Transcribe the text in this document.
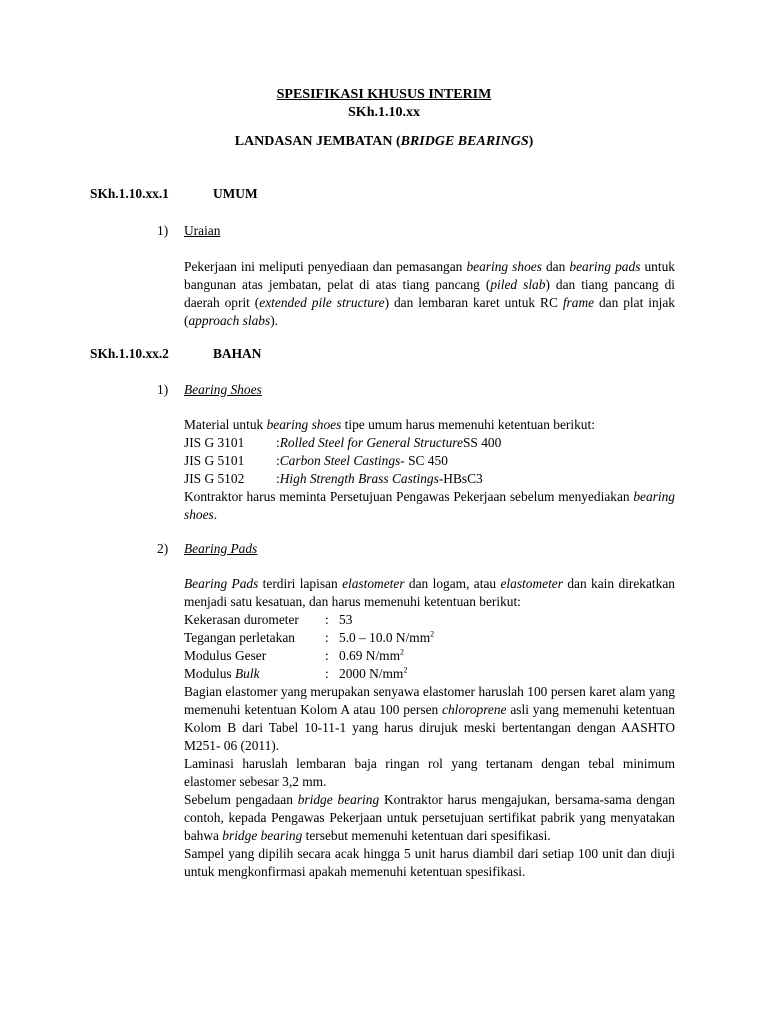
SPESIFIKASI KHUSUS INTERIM
SKh.1.10.xx
LANDASAN JEMBATAN (BRIDGE BEARINGS)
SKh.1.10.xx.1	UMUM
1) Uraian

Pekerjaan ini meliputi penyediaan dan pemasangan bearing shoes dan bearing pads untuk bangunan atas jembatan, pelat di atas tiang pancang (piled slab) dan tiang pancang di daerah oprit (extended pile structure) dan lembaran karet untuk RC frame dan plat injak (approach slabs).

SKh.1.10.xx.2	BAHAN
1) Bearing Shoes

Material untuk bearing shoes tipe umum harus memenuhi ketentuan berikut:

JIS G 3101	: Rolled Steel for General Structure SS 400
JIS G 5101	: Carbon Steel Castings - SC 450
JIS G 5102	: High Strength Brass Castings -HBsC3

Kontraktor harus meminta Persetujuan Pengawas Pekerjaan sebelum menyediakan bearing shoes.

2) Bearing Pads

Bearing Pads terdiri lapisan elastometer dan logam, atau elastometer dan kain direkatkan menjadi satu kesatuan, dan harus memenuhi ketentuan berikut:

Kekerasan durometer	: 53
Tegangan perletakan	: 5.0 – 10.0 $N/mm^2$
Modulus Geser	: 0.69 $N/mm^2$
Modulus Bulk	: 2000 $N/mm^2$

Bagian elastomer yang merupakan senyawa elastomer haruslah 100 persen karet alam yang memenuhi ketentuan Kolom A atau 100 persen chloroprene asli yang memenuhi ketentuan Kolom B dari Tabel 10-11-1 yang harus dirujuk meski bertentangan dengan AASHTO M251- 06 (2011).

Laminasi haruslah lembaran baja ringan rol yang tertanam dengan tebal minimum elastomer sebesar 3,2 mm.

Sebelum pengadaan bridge bearing Kontraktor harus mengajukan, bersama-sama dengan contoh, kepada Pengawas Pekerjaan untuk persetujuan sertifikat pabrik yang menyatakan bahwa bridge bearing tersebut memenuhi ketentuan dari spesifikasi.

Sampel yang dipilih secara acak hingga 5 unit harus diambil dari setiap 100 unit dan diuji untuk mengkonfirmasi apakah memenuhi ketentuan spesifikasi.
